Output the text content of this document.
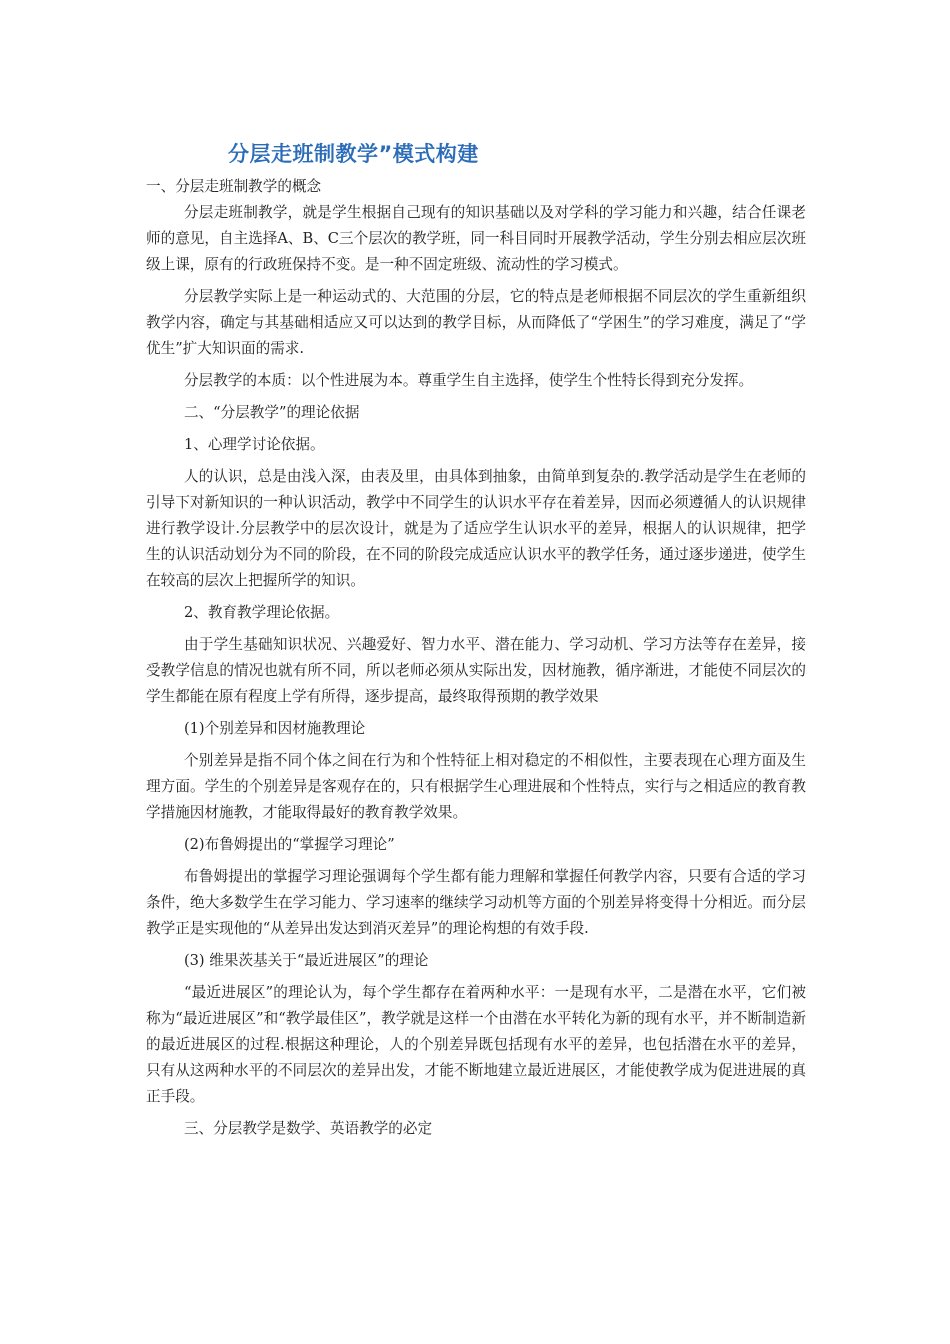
分层走班制教学”模式构建

一、分层走班制教学的概念

分层走班制教学，就是学生根据自己现有的知识基础以及对学科的学习能力和兴趣，结合任课老师的意见，自主选择A、B、C三个层次的教学班，同一科目同时开展教学活动，学生分别去相应层次班级上课，原有的行政班保持不变。是一种不固定班级、流动性的学习模式。

分层教学实际上是一种运动式的、大范围的分层，它的特点是老师根据不同层次的学生重新组织教学内容，确定与其基础相适应又可以达到的教学目标，从而降低了“学困生”的学习难度，满足了“学优生”扩大知识面的需求.

分层教学的本质：以个性进展为本。尊重学生自主选择，使学生个性特长得到充分发挥。

二、“分层教学”的理论依据

1、心理学讨论依据。

人的认识，总是由浅入深，由表及里，由具体到抽象，由简单到复杂的.教学活动是学生在老师的引导下对新知识的一种认识活动，教学中不同学生的认识水平存在着差异，因而必须遵循人的认识规律进行教学设计.分层教学中的层次设计，就是为了适应学生认识水平的差异，根据人的认识规律，把学生的认识活动划分为不同的阶段，在不同的阶段完成适应认识水平的教学任务，通过逐步递进，使学生在较高的层次上把握所学的知识。

2、教育教学理论依据。

由于学生基础知识状况、兴趣爱好、智力水平、潜在能力、学习动机、学习方法等存在差异，接受教学信息的情况也就有所不同，所以老师必须从实际出发，因材施教，循序渐进，才能使不同层次的学生都能在原有程度上学有所得，逐步提高，最终取得预期的教学效果

(1)个别差异和因材施教理论

个别差异是指不同个体之间在行为和个性特征上相对稳定的不相似性，主要表现在心理方面及生理方面。学生的个别差异是客观存在的，只有根据学生心理进展和个性特点，实行与之相适应的教育教学措施因材施教，才能取得最好的教育教学效果。

(2)布鲁姆提出的“掌握学习理论”

布鲁姆提出的掌握学习理论强调每个学生都有能力理解和掌握任何教学内容，只要有合适的学习条件，绝大多数学生在学习能力、学习速率的继续学习动机等方面的个别差异将变得十分相近。而分层教学正是实现他的“从差异出发达到消灭差异”的理论构想的有效手段.

(3) 维果茨基关于“最近进展区”的理论

“最近进展区”的理论认为，每个学生都存在着两种水平：一是现有水平，二是潜在水平，它们被称为“最近进展区”和“教学最佳区”，教学就是这样一个由潜在水平转化为新的现有水平，并不断制造新的最近进展区的过程.根据这种理论，人的个别差异既包括现有水平的差异，也包括潜在水平的差异，只有从这两种水平的不同层次的差异出发，才能不断地建立最近进展区，才能使教学成为促进进展的真正手段。

三、分层教学是数学、英语教学的必定
